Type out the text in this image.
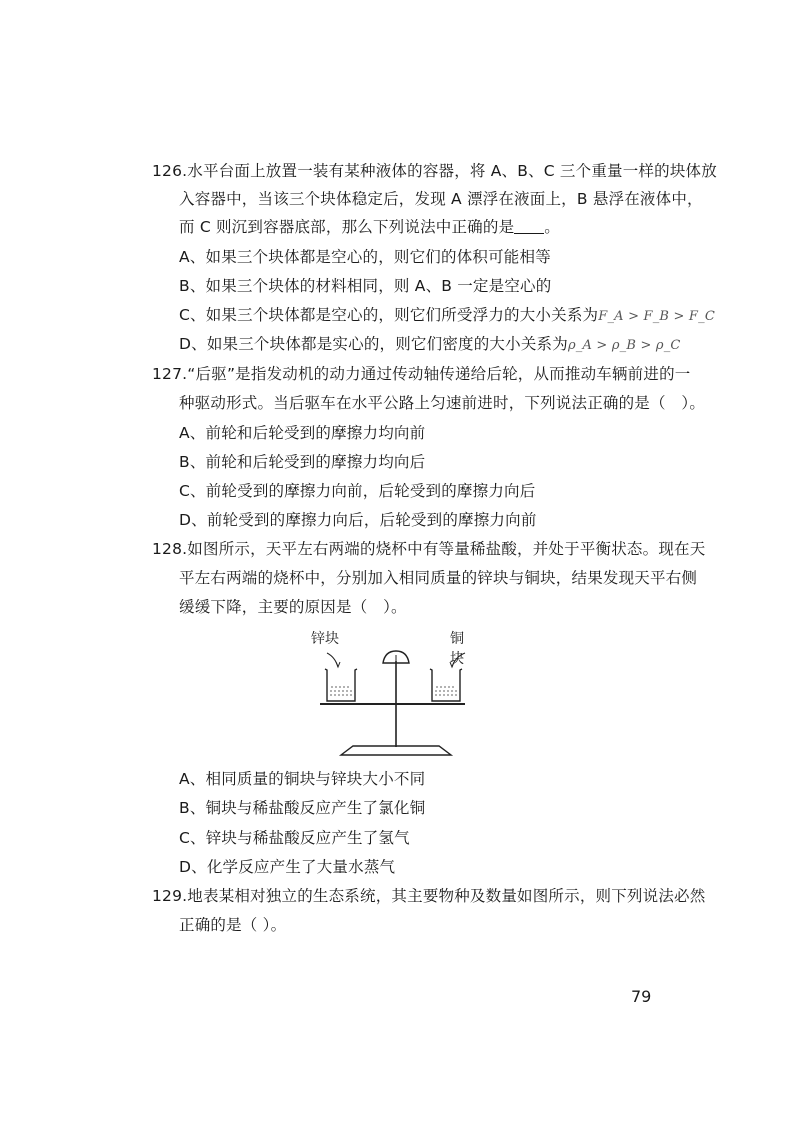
126.水平台面上放置一装有某种液体的容器，将 A、B、C 三个重量一样的块体放
入容器中，当该三个块体稳定后，发现 A 漂浮在液面上，B 悬浮在液体中，
而 C 则沉到容器底部，那么下列说法中正确的是 。
A、如果三个块体都是空心的，则它们的体积可能相等
B、如果三个块体的材料相同，则 A、B 一定是空心的
C、如果三个块体都是空心的，则它们所受浮力的大小关系为F_A > F_B > F_C
D、如果三个块体都是实心的，则它们密度的大小关系为ρ_A > ρ_B > ρ_C
127.“后驱”是指发动机的动力通过传动轴传递给后轮，从而推动车辆前进的一
种驱动形式。当后驱车在水平公路上匀速前进时，下列说法正确的是（　）。
A、前轮和后轮受到的摩擦力均向前
B、前轮和后轮受到的摩擦力均向后
C、前轮受到的摩擦力向前，后轮受到的摩擦力向后
D、前轮受到的摩擦力向后，后轮受到的摩擦力向前
128.如图所示，天平左右两端的烧杯中有等量稀盐酸，并处于平衡状态。现在天
平左右两端的烧杯中，分别加入相同质量的锌块与铜块，结果发现天平右侧
缓缓下降，主要的原因是（　）。
锌块	铜块
A、相同质量的铜块与锌块大小不同
B、铜块与稀盐酸反应产生了氯化铜
C、锌块与稀盐酸反应产生了氢气
D、化学反应产生了大量水蒸气
129.地表某相对独立的生态系统，其主要物种及数量如图所示，则下列说法必然
正确的是（ ）。
79
